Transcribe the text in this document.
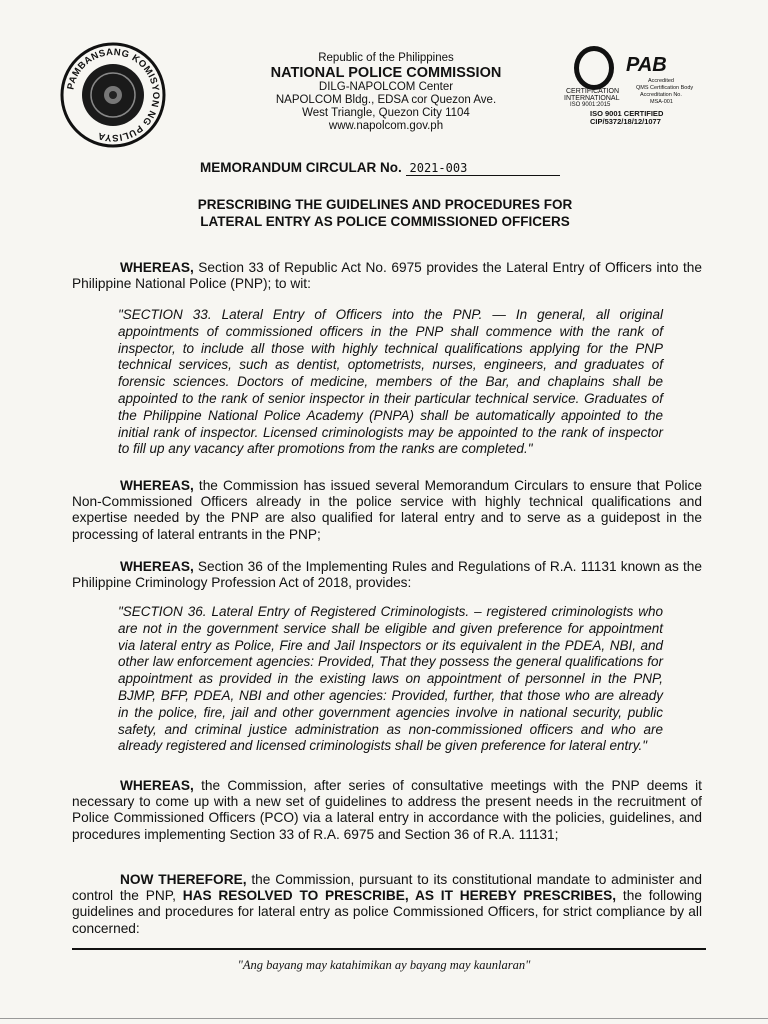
PAMBANSANG KOMISYON NG PULISYA
Republic of the Philippines
NATIONAL POLICE COMMISSION
DILG-NAPOLCOM Center
NAPOLCOM Bldg., EDSA cor Quezon Ave.
West Triangle, Quezon City 1104
www.napolcom.gov.ph
PAB
CERTIFICATION
INTERNATIONAL
ISO 9001:2015
Accredited
QMS Certification Body
Accreditation No.
MSA-001
ISO 9001 CERTIFIED
CIP/5372/18/12/1077
MEMORANDUM CIRCULAR No. 2021-003
PRESCRIBING THE GUIDELINES AND PROCEDURES FOR
LATERAL ENTRY AS POLICE COMMISSIONED OFFICERS
WHEREAS, Section 33 of Republic Act No. 6975 provides the Lateral Entry of Officers into the Philippine National Police (PNP); to wit:
"SECTION 33. Lateral Entry of Officers into the PNP. — In general, all original appointments of commissioned officers in the PNP shall commence with the rank of inspector, to include all those with highly technical qualifications applying for the PNP technical services, such as dentist, optometrists, nurses, engineers, and graduates of forensic sciences. Doctors of medicine, members of the Bar, and chaplains shall be appointed to the rank of senior inspector in their particular technical service. Graduates of the Philippine National Police Academy (PNPA) shall be automatically appointed to the initial rank of inspector. Licensed criminologists may be appointed to the rank of inspector to fill up any vacancy after promotions from the ranks are completed."
WHEREAS, the Commission has issued several Memorandum Circulars to ensure that Police Non-Commissioned Officers already in the police service with highly technical qualifications and expertise needed by the PNP are also qualified for lateral entry and to serve as a guidepost in the processing of lateral entrants in the PNP;
WHEREAS, Section 36 of the Implementing Rules and Regulations of R.A. 11131 known as the Philippine Criminology Profession Act of 2018, provides:
"SECTION 36. Lateral Entry of Registered Criminologists. – registered criminologists who are not in the government service shall be eligible and given preference for appointment via lateral entry as Police, Fire and Jail Inspectors or its equivalent in the PDEA, NBI, and other law enforcement agencies: Provided, That they possess the general qualifications for appointment as provided in the existing laws on appointment of personnel in the PNP, BJMP, BFP, PDEA, NBI and other agencies: Provided, further, that those who are already in the police, fire, jail and other government agencies involve in national security, public safety, and criminal justice administration as non-commissioned officers and who are already registered and licensed criminologists shall be given preference for lateral entry."
WHEREAS, the Commission, after series of consultative meetings with the PNP deems it necessary to come up with a new set of guidelines to address the present needs in the recruitment of Police Commissioned Officers (PCO) via a lateral entry in accordance with the policies, guidelines, and procedures implementing Section 33 of R.A. 6975 and Section 36 of R.A. 11131;
NOW THEREFORE, the Commission, pursuant to its constitutional mandate to administer and control the PNP, HAS RESOLVED TO PRESCRIBE, AS IT HEREBY PRESCRIBES, the following guidelines and procedures for lateral entry as police Commissioned Officers, for strict compliance by all concerned:
"Ang bayang may katahimikan ay bayang may kaunlaran"
